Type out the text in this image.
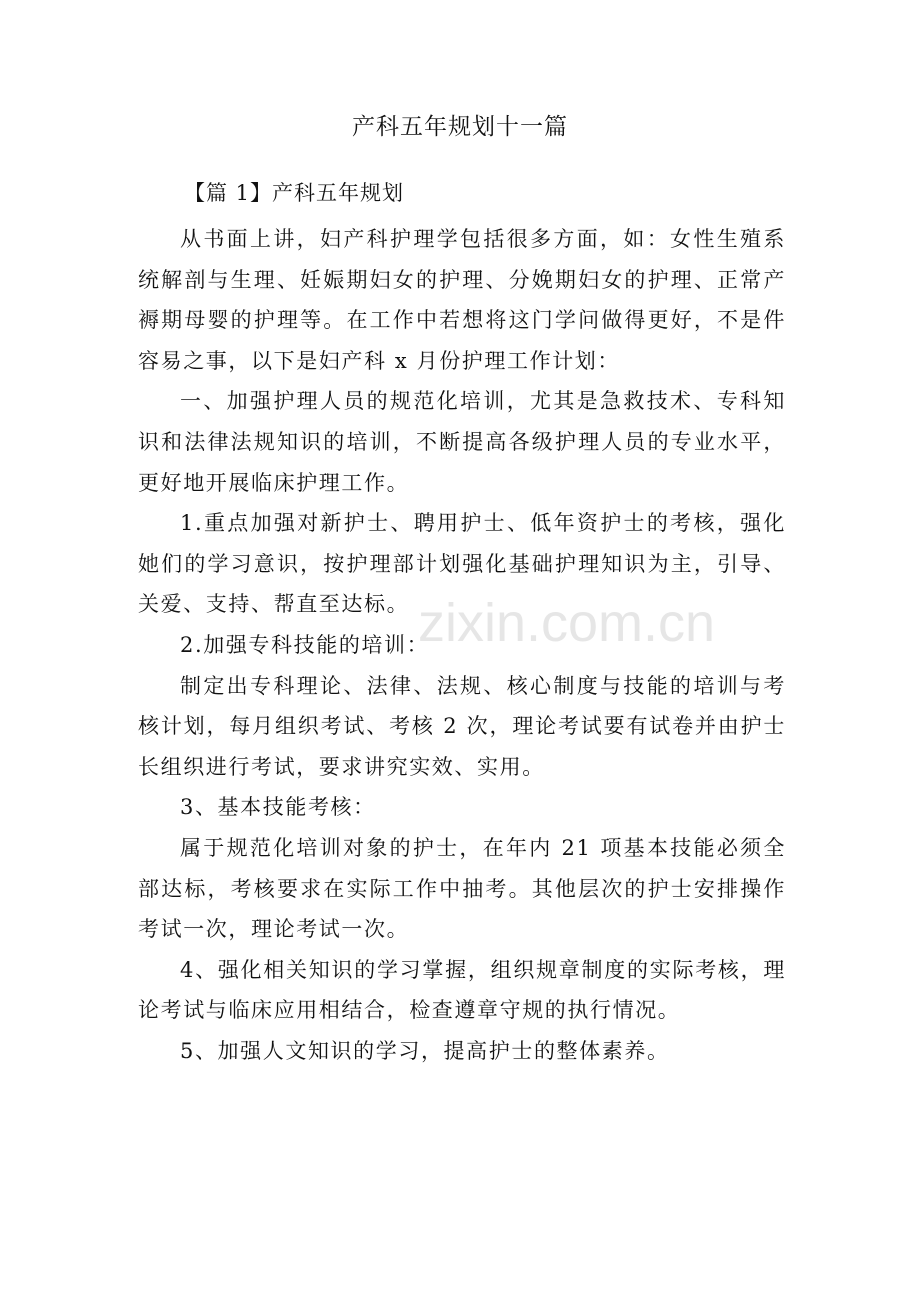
产科五年规划十一篇
【篇 1】产科五年规划

从书面上讲，妇产科护理学包括很多方面，如：女性生殖系统解剖与生理、妊娠期妇女的护理、分娩期妇女的护理、正常产褥期母婴的护理等。在工作中若想将这门学问做得更好，不是件容易之事，以下是妇产科 x 月份护理工作计划：

一、加强护理人员的规范化培训，尤其是急救技术、专科知识和法律法规知识的培训，不断提高各级护理人员的专业水平，更好地开展临床护理工作。

1.重点加强对新护士、聘用护士、低年资护士的考核，强化她们的学习意识，按护理部计划强化基础护理知识为主，引导、关爱、支持、帮直至达标。

2.加强专科技能的培训：

制定出专科理论、法律、法规、核心制度与技能的培训与考核计划，每月组织考试、考核 2 次，理论考试要有试卷并由护士长组织进行考试，要求讲究实效、实用。

3、基本技能考核：

属于规范化培训对象的护士，在年内 21 项基本技能必须全部达标，考核要求在实际工作中抽考。其他层次的护士安排操作考试一次，理论考试一次。

4、强化相关知识的学习掌握，组织规章制度的实际考核，理论考试与临床应用相结合，检查遵章守规的执行情况。

5、加强人文知识的学习，提高护士的整体素养。

zixin.com.cn
